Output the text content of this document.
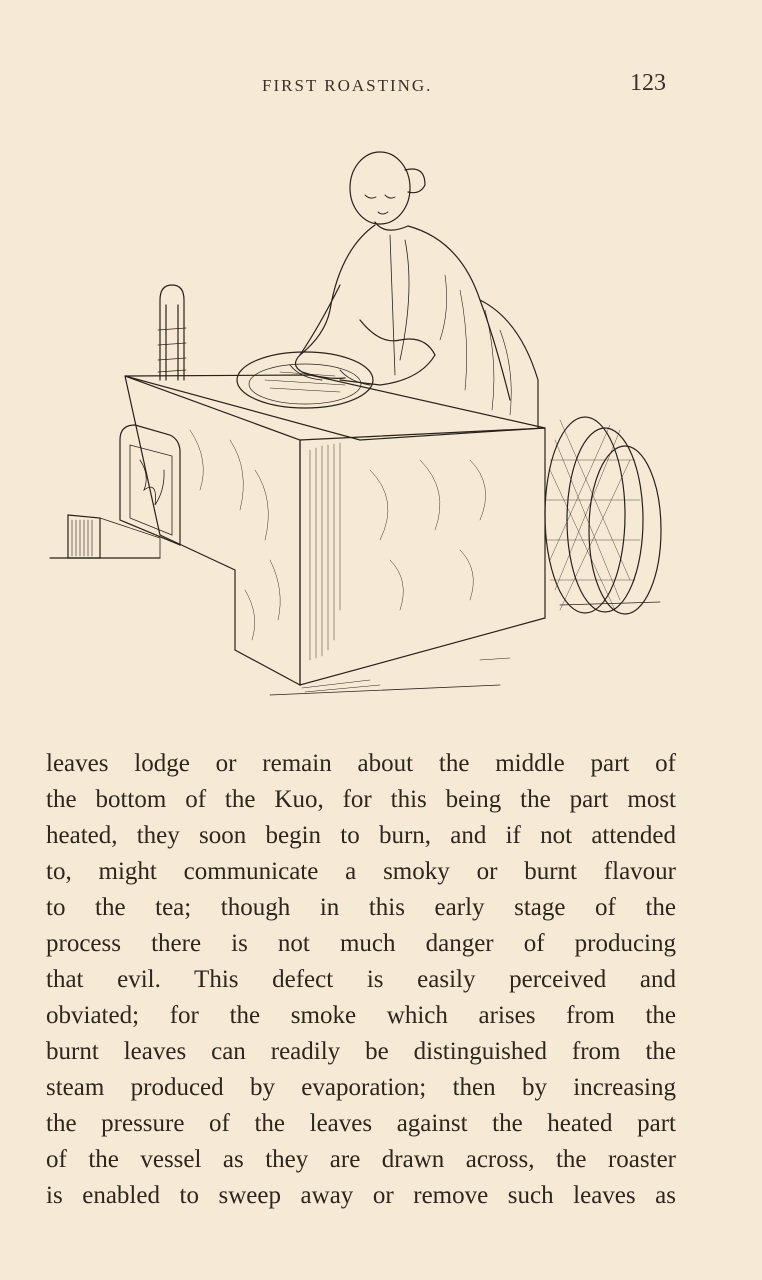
FIRST ROASTING.	123
leaves lodge or remain about the middle part of
the bottom of the Kuo, for this being the part most
heated, they soon begin to burn, and if not attended
to, might communicate a smoky or burnt flavour
to the tea; though in this early stage of the
process there is not much danger of producing
that evil. This defect is easily perceived and
obviated; for the smoke which arises from the
burnt leaves can readily be distinguished from the
steam produced by evaporation; then by increasing
the pressure of the leaves against the heated part
of the vessel as they are drawn across, the roaster
is enabled to sweep away or remove such leaves as
